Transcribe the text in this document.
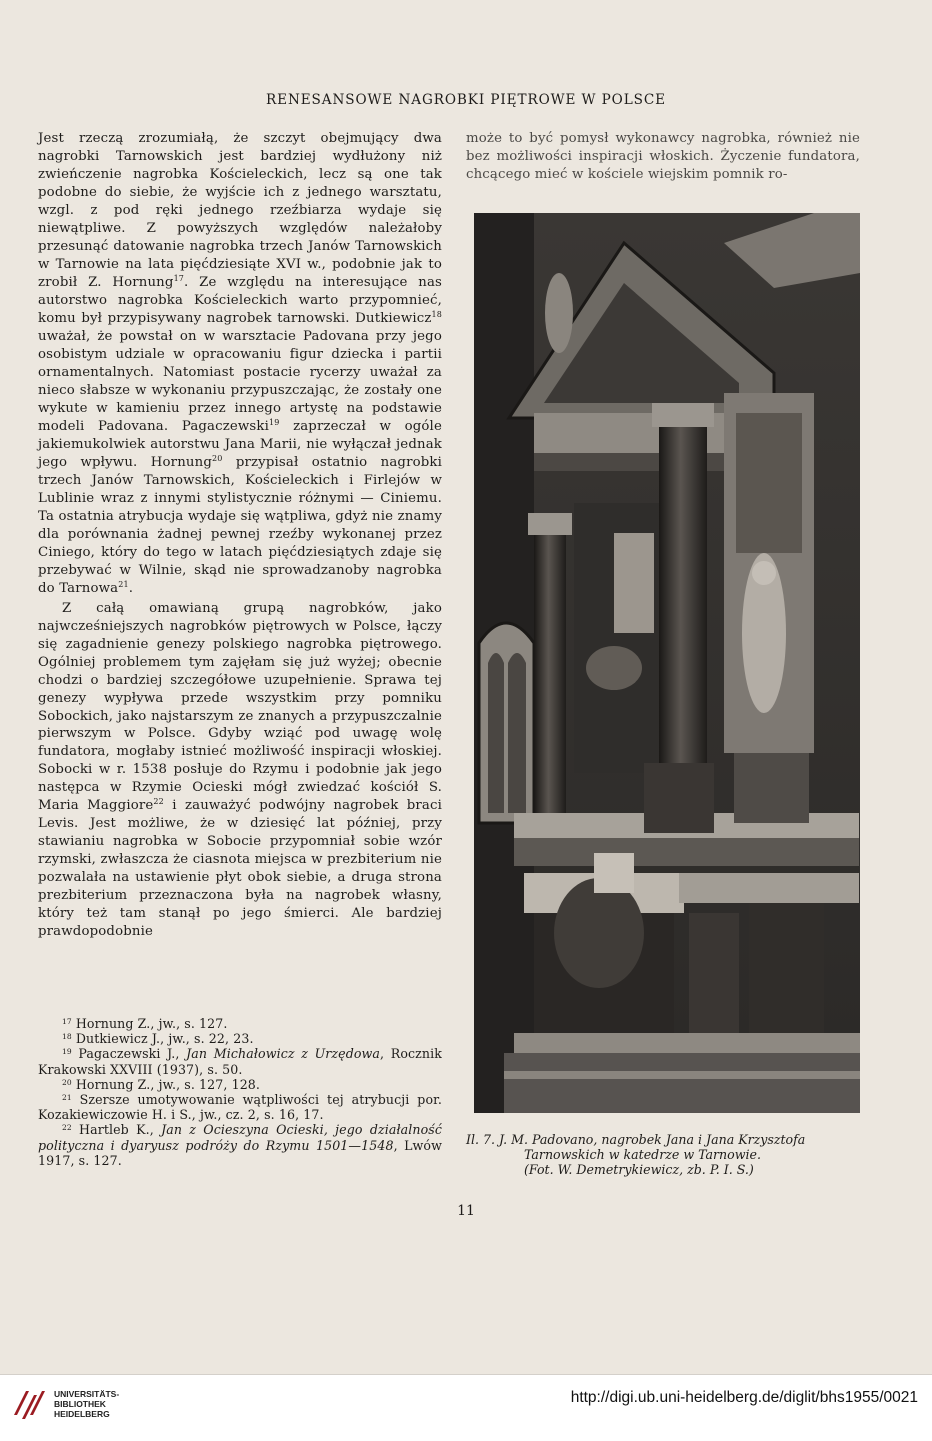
RENESANSOWE NAGROBKI PIĘTROWE W POLSCE

Jest rzeczą zrozumiałą, że szczyt obejmujący dwa nagrobki Tarnowskich jest bardziej wydłużony niż zwieńczenie nagrobka Kościeleckich, lecz są one tak podobne do siebie, że wyjście ich z jednego warsztatu, wzgl. z pod ręki jednego rzeźbiarza wydaje się niewątpliwe. Z powyższych względów należałoby przesunąć datowanie nagrobka trzech Janów Tarnowskich w Tarnowie na lata pięćdziesiąte XVI w., podobnie jak to zrobił Z. Hornung$^{17}$. Ze względu na interesujące nas autorstwo nagrobka Kościeleckich warto przypomnieć, komu był przypisywany nagrobek tarnowski. Dutkiewicz$^{18}$ uważał, że powstał on w warsztacie Padovana przy jego osobistym udziale w opracowaniu figur dziecka i partii ornamentalnych. Natomiast postacie rycerzy uważał za nieco słabsze w wykonaniu przypuszczając, że zostały one wykute w kamieniu przez innego artystę na podstawie modeli Padovana. Pagaczewski$^{19}$ zaprzeczał w ogóle jakiemukolwiek autorstwu Jana Marii, nie wyłączał jednak jego wpływu. Hornung$^{20}$ przypisał ostatnio nagrobki trzech Janów Tarnowskich, Kościeleckich i Firlejów w Lublinie wraz z innymi stylistycznie różnymi — Ciniemu. Ta ostatnia atrybucja wydaje się wątpliwa, gdyż nie znamy dla porównania żadnej pewnej rzeźby wykonanej przez Ciniego, który do tego w latach pięćdziesiątych zdaje się przebywać w Wilnie, skąd nie sprowadzanoby nagrobka do Tarnowa$^{21}$.

Z całą omawianą grupą nagrobków, jako najwcześniejszych nagrobków piętrowych w Polsce, łączy się zagadnienie genezy polskiego nagrobka piętrowego. Ogólniej problemem tym zajęłam się już wyżej; obecnie chodzi o bardziej szczegółowe uzupełnienie. Sprawa tej genezy wypływa przede wszystkim przy pomniku Sobockich, jako najstarszym ze znanych a przypuszczalnie pierwszym w Polsce. Gdyby wziąć pod uwagę wolę fundatora, mogłaby istnieć możliwość inspiracji włoskiej. Sobocki w r. 1538 posłuje do Rzymu i podobnie jak jego następca w Rzymie Ocieski mógł zwiedzać kościół S. Maria Maggiore$^{22}$ i zauważyć podwójny nagrobek braci Levis. Jest możliwe, że w dziesięć lat później, przy stawianiu nagrobka w Sobocie przypomniał sobie wzór rzymski, zwłaszcza że ciasnota miejsca w prezbiterium nie pozwalała na ustawienie płyt obok siebie, a druga strona prezbiterium przeznaczona była na nagrobek własny, który też tam stanął po jego śmierci. Ale bardziej prawdopodobnie

może to być pomysł wykonawcy nagrobka, również nie bez możliwości inspiracji włoskich. Życzenie fundatora, chcącego mieć w kościele wiejskim pomnik ro-

Il. 7. J. M. Padovano, nagrobek Jana i Jana Krzysztofa
Tarnowskich w katedrze w Tarnowie.
(Fot. W. Demetrykiewicz, zb. P. I. S.)
$^{17}$ Hornung Z., jw., s. 127.
$^{18}$ Dutkiewicz J., jw., s. 22, 23.
$^{19}$ Pagaczewski J., Jan Michałowicz z Urzędowa, Rocznik Krakowski XXVIII (1937), s. 50.
$^{20}$ Hornung Z., jw., s. 127, 128.
$^{21}$ Szersze umotywowanie wątpliwości tej atrybucji por. Kozakiewiczowie H. i S., jw., cz. 2, s. 16, 17.
$^{22}$ Hartleb K., Jan z Ocieszyna Ocieski, jego działalność polityczna i dyaryusz podróży do Rzymu 1501—1548, Lwów 1917, s. 127.
11
UNIVERSITÄTS-
BIBLIOTHEK
HEIDELBERG
http://digi.ub.uni-heidelberg.de/diglit/bhs1955/0021
